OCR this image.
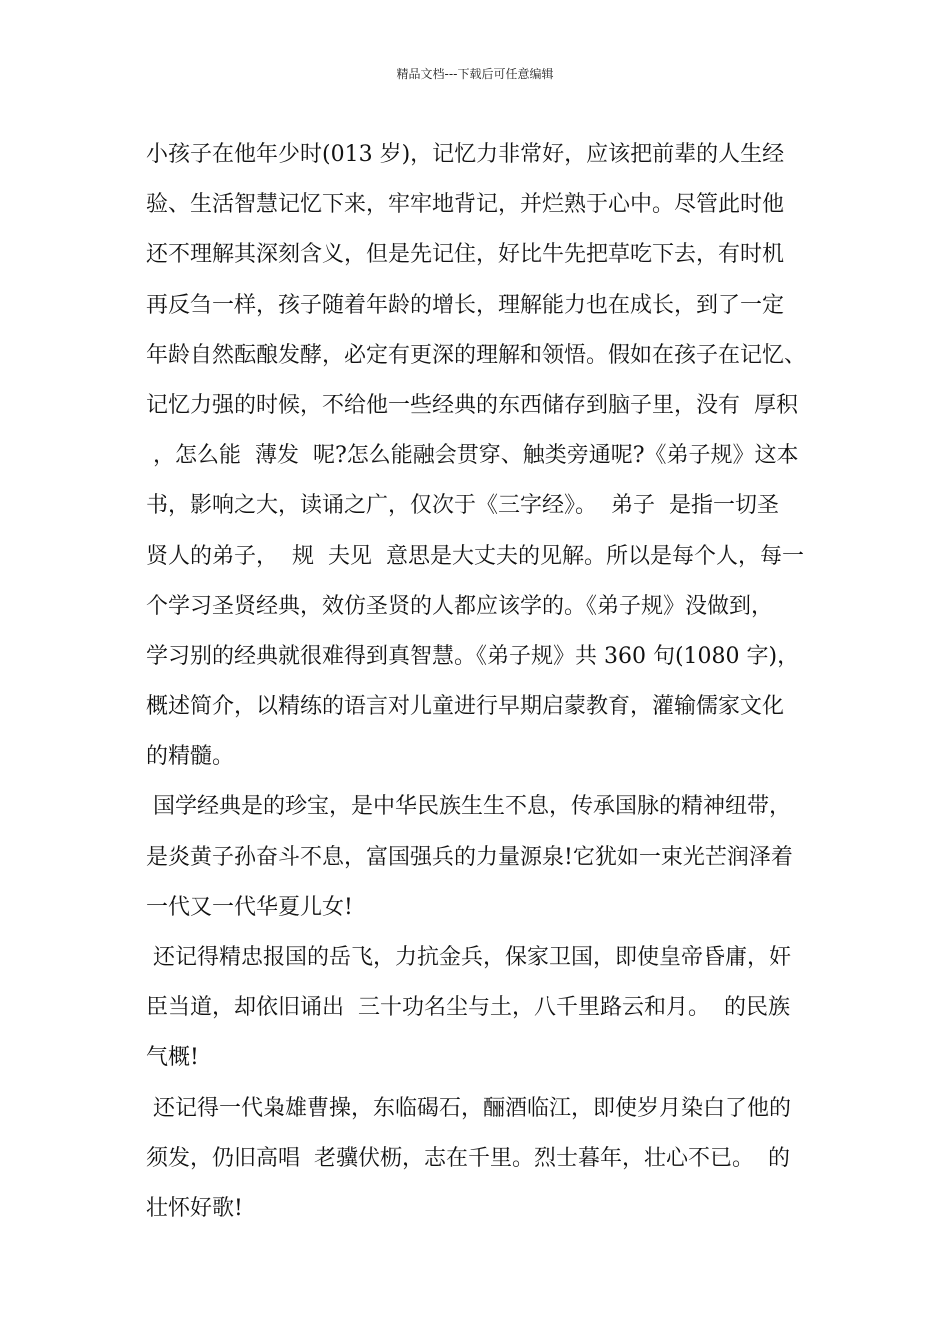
精品文档---下载后可任意编辑
小孩子在他年少时(013 岁)，记忆力非常好，应该把前辈的人生经
验、生活智慧记忆下来，牢牢地背记，并烂熟于心中。尽管此时他
还不理解其深刻含义，但是先记住，好比牛先把草吃下去，有时机
再反刍一样，孩子随着年龄的增长，理解能力也在成长，到了一定
年龄自然酝酿发酵，必定有更深的理解和领悟。假如在孩子在记忆、
记忆力强的时候，不给他一些经典的东西储存到脑子里，没有  厚积
，怎么能  薄发  呢?怎么能融会贯穿、触类旁通呢?《弟子规》这本
书，影响之大，读诵之广，仅次于《三字经》。  弟子  是指一切圣
贤人的弟子，  规  夫见  意思是大丈夫的见解。所以是每个人，每一
个学习圣贤经典，效仿圣贤的人都应该学的。《弟子规》没做到，
学习别的经典就很难得到真智慧。《弟子规》共 360 句(1080 字)，
概述简介，以精练的语言对儿童进行早期启蒙教育，灌输儒家文化
的精髓。
国学经典是的珍宝，是中华民族生生不息，传承国脉的精神纽带，
是炎黄子孙奋斗不息，富国强兵的力量源泉!它犹如一束光芒润泽着
一代又一代华夏儿女!
还记得精忠报国的岳飞，力抗金兵，保家卫国，即使皇帝昏庸，奸
臣当道，却依旧诵出  三十功名尘与土，八千里路云和月。  的民族
气概!
还记得一代枭雄曹操，东临碣石，酾酒临江，即使岁月染白了他的
须发，仍旧高唱  老骥伏枥，志在千里。烈士暮年，壮心不已。  的
壮怀好歌!
